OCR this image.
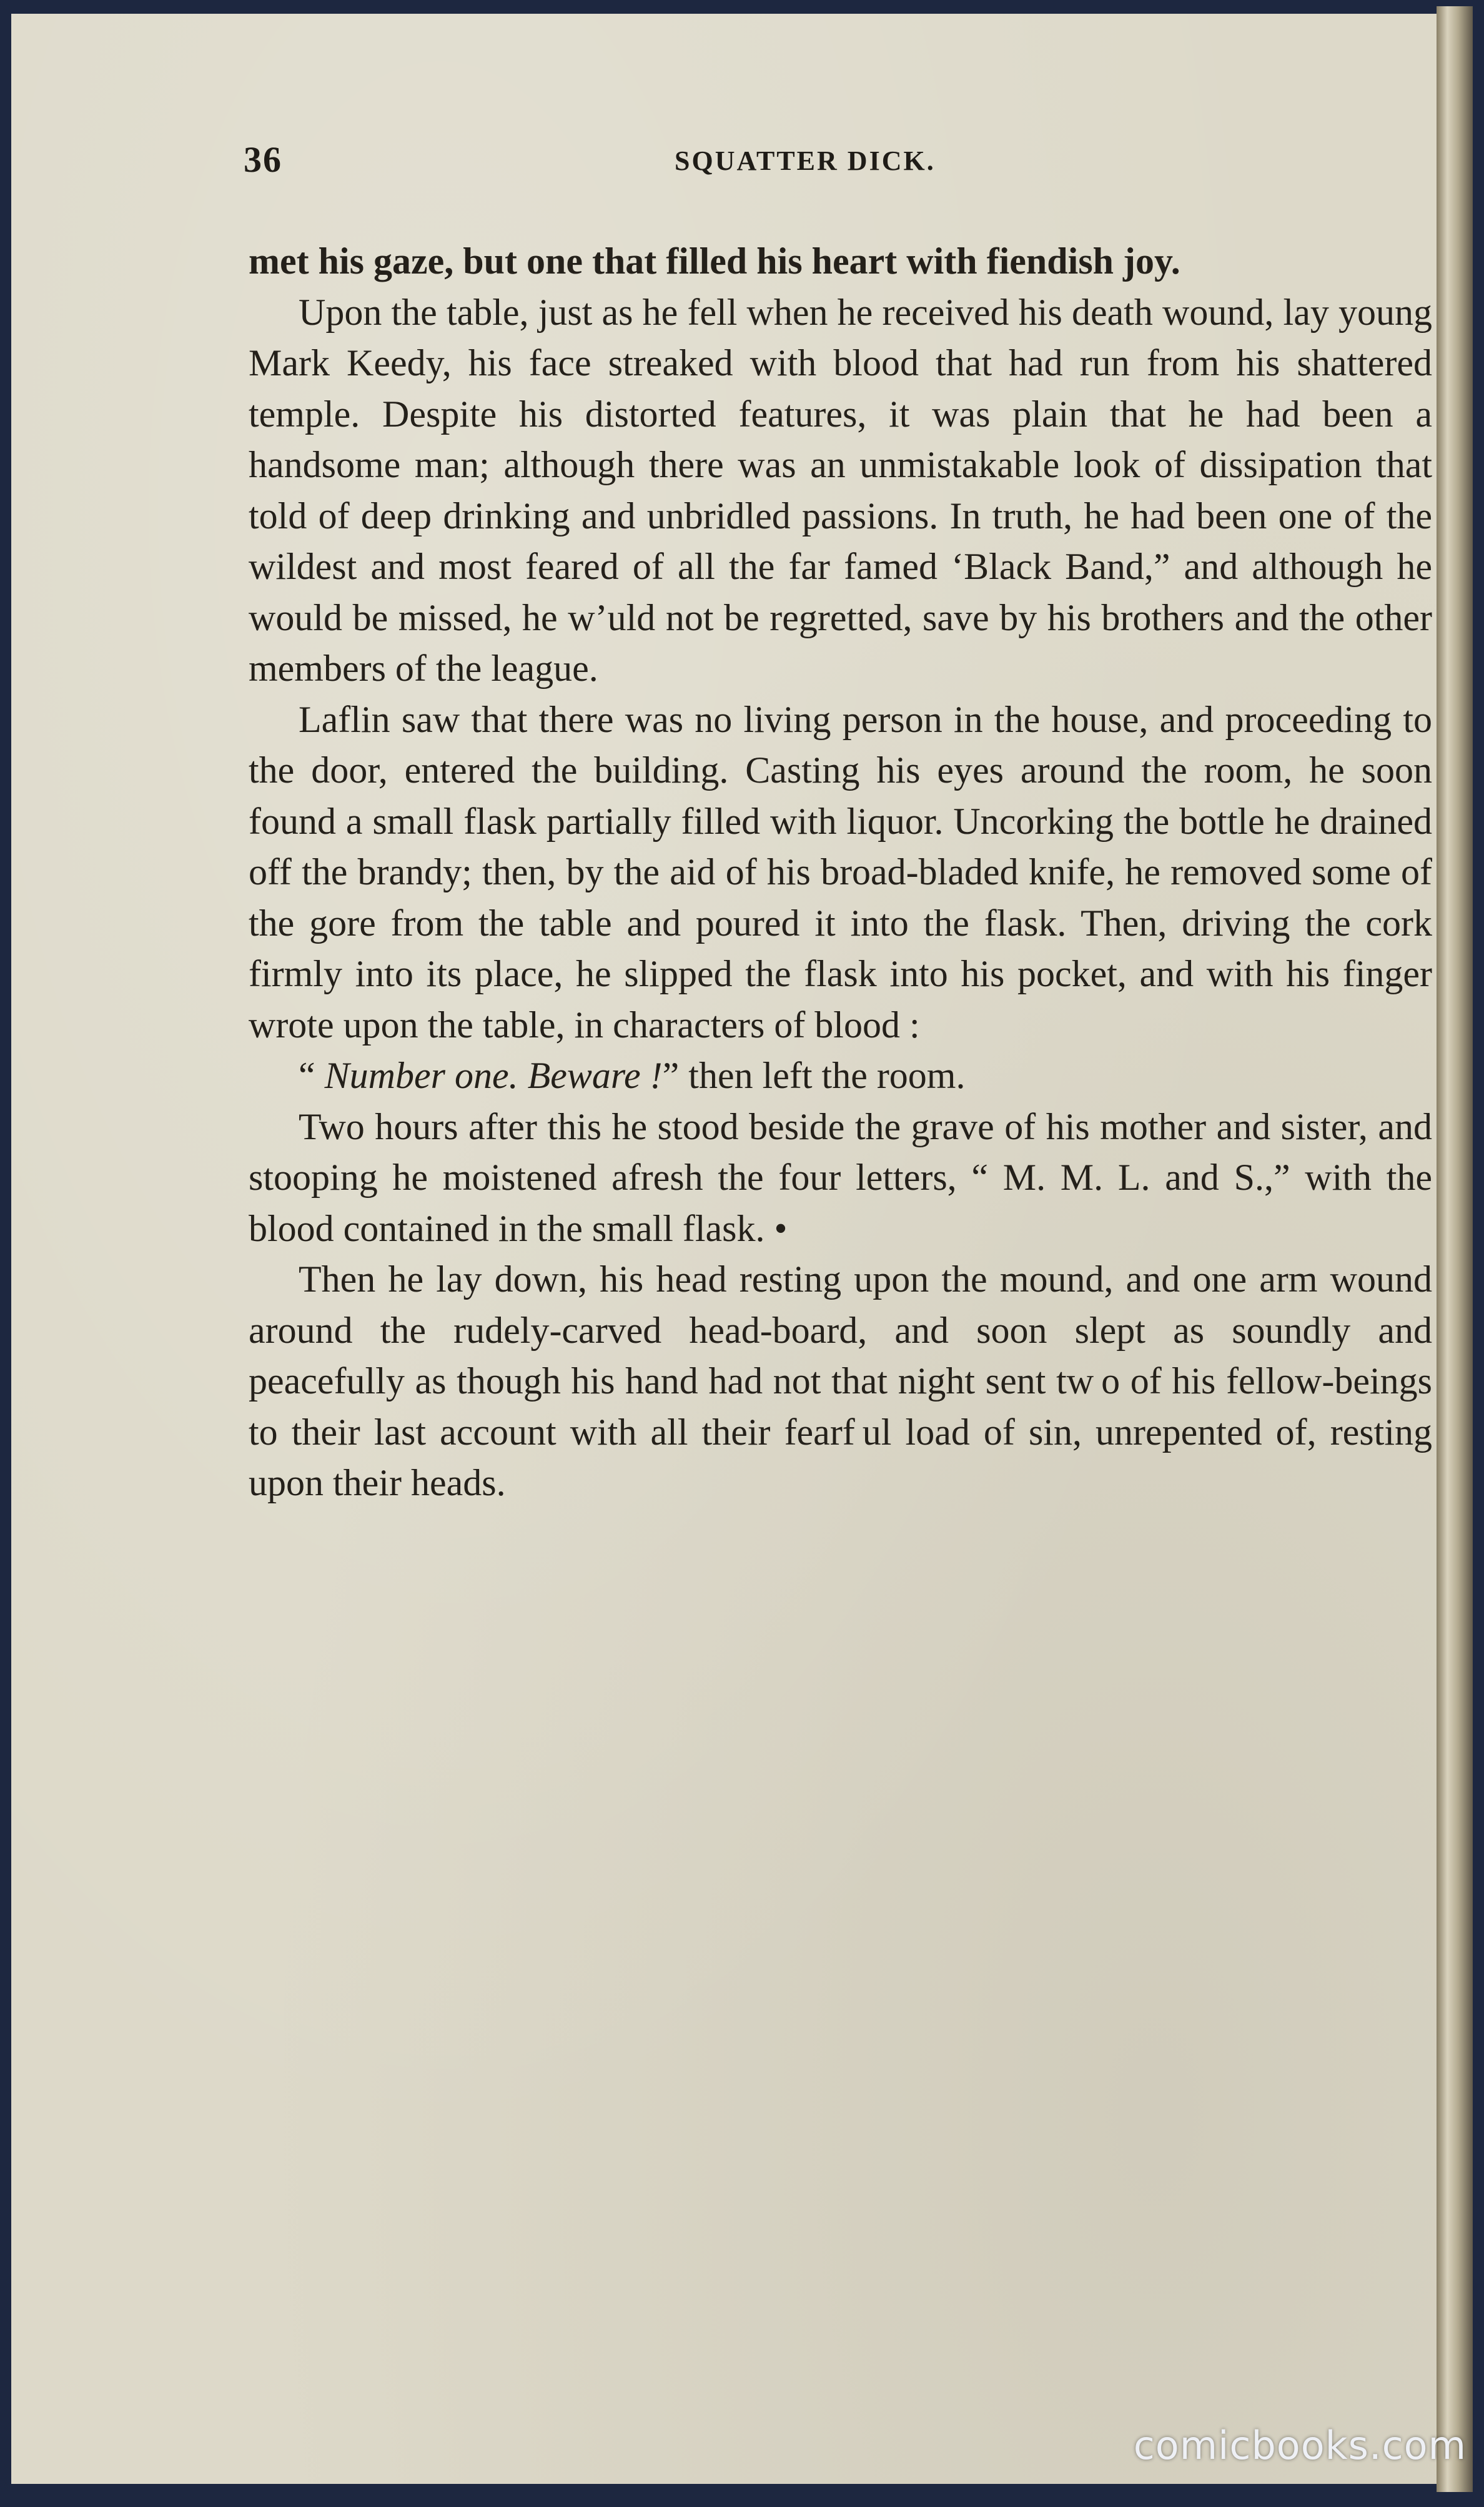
36	SQUATTER DICK.

met his gaze, but one that filled his heart with fiendish joy.

Upon the table, just as he fell when he received his death wound, lay young Mark Keedy, his face streaked with blood that had run from his shattered temple. Despite his distorted features, it was plain that he had been a handsome man; although there was an unmistakable look of dissipation that told of deep drinking and unbridled passions. In truth, he had been one of the wildest and most feared of all the far famed ‘Black Band,” and although he would be missed, he w’uld not be regretted, save by his brothers and the other members of the league.

Laflin saw that there was no living person in the house, and proceeding to the door, entered the building. Casting his eyes around the room, he soon found a small flask partially filled with liquor. Uncorking the bottle he drained off the brandy; then, by the aid of his broad-bladed knife, he removed some of the gore from the table and poured it into the flask. Then, driving the cork firmly into its place, he slipped the flask into his pocket, and with his finger wrote upon the table, in characters of blood :

“ Number one. Beware !” then left the room.

Two hours after this he stood beside the grave of his mother and sister, and stooping he moistened afresh the four letters, “ M. M. L. and S.,” with the blood contained in the small flask. •

Then he lay down, his head resting upon the mound, and one arm wound around the rudely-carved head-board, and soon slept as soundly and peacefully as though his hand had not that night sent tw o of his fellow-beings to their last account with all their fearf ul load of sin, unrepented of, resting upon their heads.

comicbooks.com
